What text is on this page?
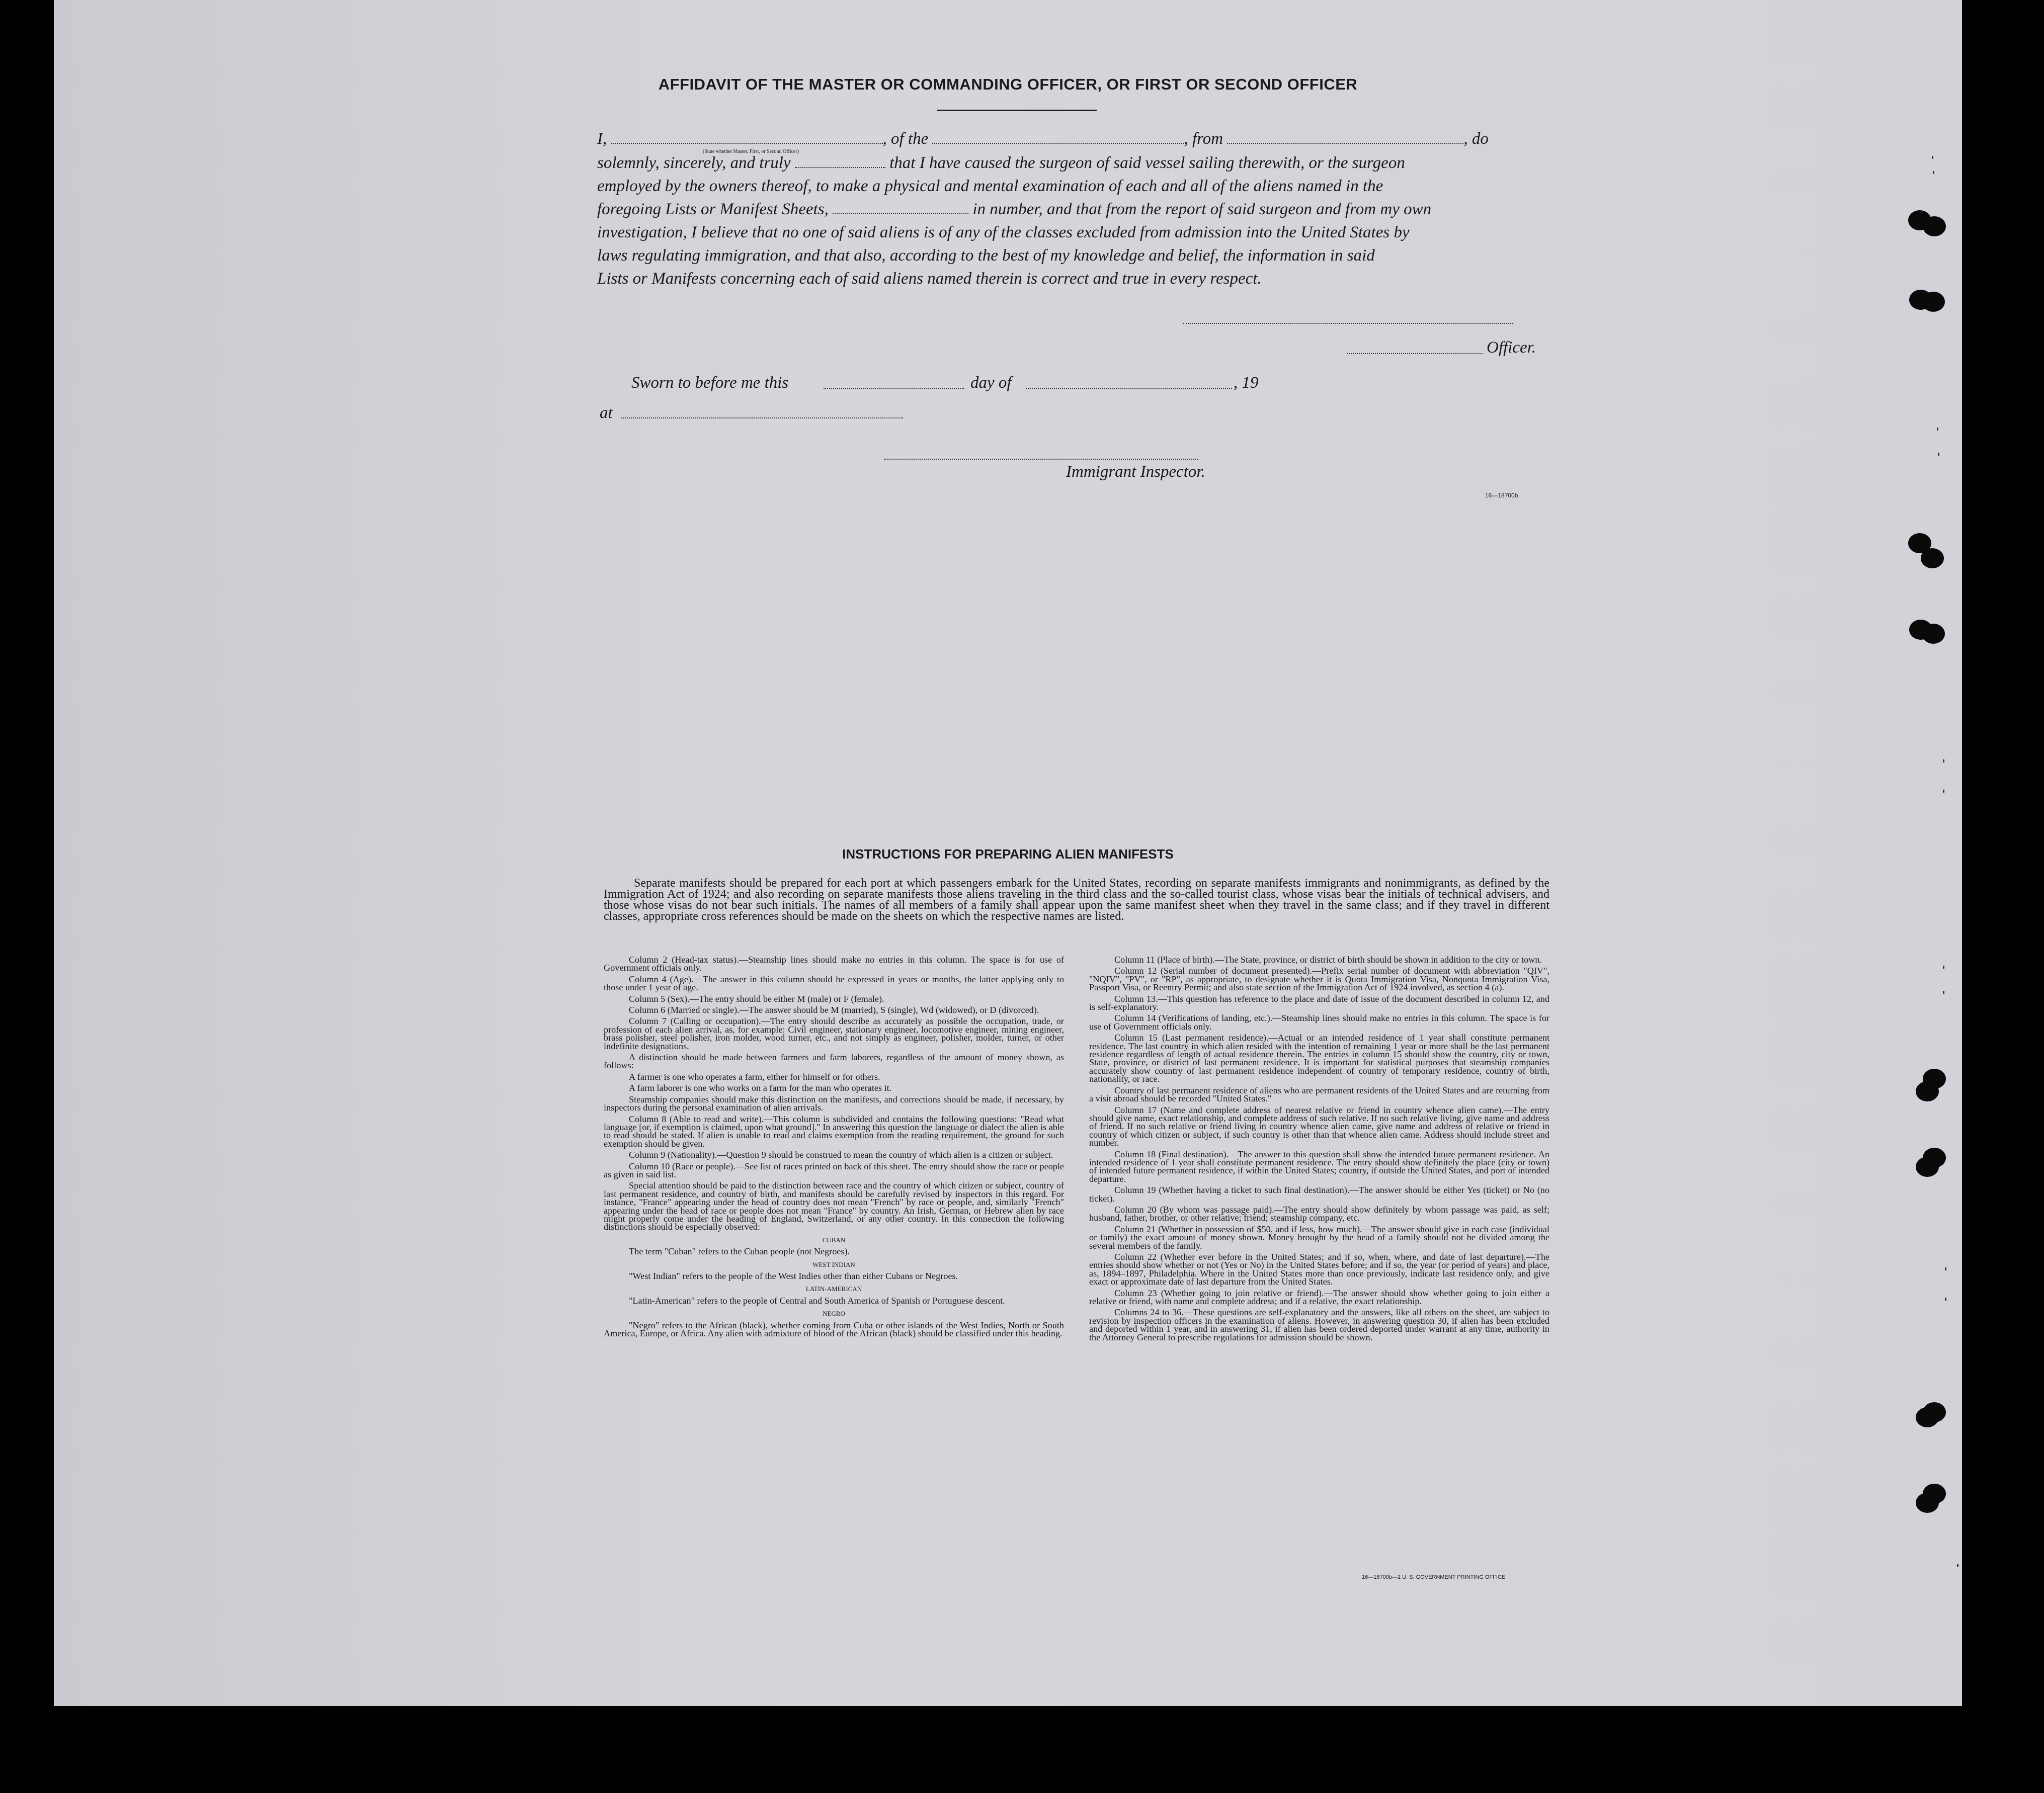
AFFIDAVIT OF THE MASTER OR COMMANDING OFFICER, OR FIRST OR SECOND OFFICER
I,	, of the	, from	, do
(State whether Master, First, or Second Officer)
solemnly, sincerely, and truly	that I have caused the surgeon of said vessel sailing therewith, or the surgeon
employed by the owners thereof, to make a physical and mental examination of each and all of the aliens named in the
foregoing Lists or Manifest Sheets,	in number, and that from the report of said surgeon and from my own
investigation, I believe that no one of said aliens is of any of the classes excluded from admission into the United States by
laws regulating immigration, and that also, according to the best of my knowledge and belief, the information in said
Lists or Manifests concerning each of said aliens named therein is correct and true in every respect.
Officer.
Sworn to before me this	day of	, 19
at
Immigrant Inspector.
16—18700b
INSTRUCTIONS FOR PREPARING ALIEN MANIFESTS
Separate manifests should be prepared for each port at which passengers embark for the United States, recording on separate manifests immigrants and nonimmigrants, as defined by the Immigration Act of 1924; and also recording on separate manifests those aliens traveling in the third class and the so-called tourist class, whose visas bear the initials of technical advisers, and those whose visas do not bear such initials. The names of all members of a family shall appear upon the same manifest sheet when they travel in the same class; and if they travel in different classes, appropriate cross references should be made on the sheets on which the respective names are listed.

Column 2 (Head-tax status).—Steamship lines should make no entries in this column. The space is for use of Government officials only.

Column 4 (Age).—The answer in this column should be expressed in years or months, the latter applying only to those under 1 year of age.

Column 5 (Sex).—The entry should be either M (male) or F (female).

Column 6 (Married or single).—The answer should be M (married), S (single), Wd (widowed), or D (divorced).

Column 7 (Calling or occupation).—The entry should describe as accurately as possible the occupation, trade, or profession of each alien arrival, as, for example: Civil engineer, stationary engineer, locomotive engineer, mining engineer, brass polisher, steel polisher, iron molder, wood turner, etc., and not simply as engineer, polisher, molder, turner, or other indefinite designations.

A distinction should be made between farmers and farm laborers, regardless of the amount of money shown, as follows:

A farmer is one who operates a farm, either for himself or for others.

A farm laborer is one who works on a farm for the man who operates it.

Steamship companies should make this distinction on the manifests, and corrections should be made, if necessary, by inspectors during the personal examination of alien arrivals.

Column 8 (Able to read and write).—This column is subdivided and contains the following questions: "Read what language [or, if exemption is claimed, upon what ground]." In answering this question the language or dialect the alien is able to read should be stated. If alien is unable to read and claims exemption from the reading requirement, the ground for such exemption should be given.

Column 9 (Nationality).—Question 9 should be construed to mean the country of which alien is a citizen or subject.

Column 10 (Race or people).—See list of races printed on back of this sheet. The entry should show the race or people as given in said list.

Special attention should be paid to the distinction between race and the country of which citizen or subject, country of last permanent residence, and country of birth, and manifests should be carefully revised by inspectors in this regard. For instance, "France" appearing under the head of country does not mean "French" by race or people, and, similarly "French" appearing under the head of race or people does not mean "France" by country. An Irish, German, or Hebrew alien by race might properly come under the heading of England, Switzerland, or any other country. In this connection the following distinctions should be especially observed:

CUBAN

The term "Cuban" refers to the Cuban people (not Negroes).

WEST INDIAN

"West Indian" refers to the people of the West Indies other than either Cubans or Negroes.

LATIN-AMERICAN

"Latin-American" refers to the people of Central and South America of Spanish or Portuguese descent.

NEGRO

"Negro" refers to the African (black), whether coming from Cuba or other islands of the West Indies, North or South America, Europe, or Africa. Any alien with admixture of blood of the African (black) should be classified under this heading.

Column 11 (Place of birth).—The State, province, or district of birth should be shown in addition to the city or town.

Column 12 (Serial number of document presented).—Prefix serial number of document with abbreviation "QIV", "NQIV", "PV", or "RP", as appropriate, to designate whether it is Quota Immigration Visa, Nonquota Immigration Visa, Passport Visa, or Reentry Permit; and also state section of the Immigration Act of 1924 involved, as section 4 (a).

Column 13.—This question has reference to the place and date of issue of the document described in column 12, and is self-explanatory.

Column 14 (Verifications of landing, etc.).—Steamship lines should make no entries in this column. The space is for use of Government officials only.

Column 15 (Last permanent residence).—Actual or an intended residence of 1 year shall constitute permanent residence. The last country in which alien resided with the intention of remaining 1 year or more shall be the last permanent residence regardless of length of actual residence therein. The entries in column 15 should show the country, city or town, State, province, or district of last permanent residence. It is important for statistical purposes that steamship companies accurately show country of last permanent residence independent of country of temporary residence, country of birth, nationality, or race.

Country of last permanent residence of aliens who are permanent residents of the United States and are returning from a visit abroad should be recorded "United States."

Column 17 (Name and complete address of nearest relative or friend in country whence alien came).—The entry should give name, exact relationship, and complete address of such relative. If no such relative living, give name and address of friend. If no such relative or friend living in country whence alien came, give name and address of relative or friend in country of which citizen or subject, if such country is other than that whence alien came. Address should include street and number.

Column 18 (Final destination).—The answer to this question shall show the intended future permanent residence. An intended residence of 1 year shall constitute permanent residence. The entry should show definitely the place (city or town) of intended future permanent residence, if within the United States; country, if outside the United States, and port of intended departure.

Column 19 (Whether having a ticket to such final destination).—The answer should be either Yes (ticket) or No (no ticket).

Column 20 (By whom was passage paid).—The entry should show definitely by whom passage was paid, as self; husband, father, brother, or other relative; friend; steamship company, etc.

Column 21 (Whether in possession of $50, and if less, how much).—The answer should give in each case (individual or family) the exact amount of money shown. Money brought by the head of a family should not be divided among the several members of the family.

Column 22 (Whether ever before in the United States; and if so, when, where, and date of last departure).—The entries should show whether or not (Yes or No) in the United States before; and if so, the year (or period of years) and place, as, 1894–1897, Philadelphia. Where in the United States more than once previously, indicate last residence only, and give exact or approximate date of last departure from the United States.

Column 23 (Whether going to join relative or friend).—The answer should show whether going to join either a relative or friend, with name and complete address; and if a relative, the exact relationship.

Columns 24 to 36.—These questions are self-explanatory and the answers, like all others on the sheet, are subject to revision by inspection officers in the examination of aliens. However, in answering question 30, if alien has been excluded and deported within 1 year, and in answering 31, if alien has been ordered deported under warrant at any time, authority in the Attorney General to prescribe regulations for admission should be shown.

16—18700b—1 U. S. GOVERNMENT PRINTING OFFICE
